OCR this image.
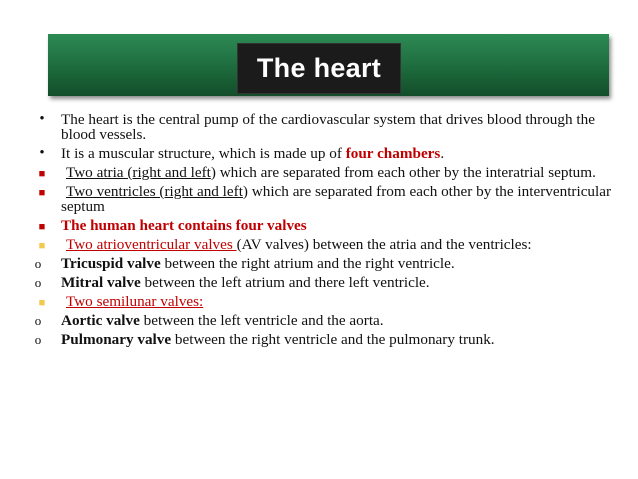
The heart
• The heart is the central pump of the cardiovascular system that drives blood through the blood vessels.
• It is a muscular structure, which is made up of four chambers.
■ Two atria (right and left) which are separated from each other by the interatrial septum.
■ Two ventricles (right and left) which are separated from each other by the interventricular septum
■ The human heart contains four valves
■ Two atrioventricular valves (AV valves) between the atria and the ventricles:
o Tricuspid valve between the right atrium and the right ventricle.
o Mitral valve between the left atrium and there left ventricle.
■ Two semilunar valves:
o Aortic valve between the left ventricle and the aorta.
o Pulmonary valve between the right ventricle and the pulmonary trunk.
